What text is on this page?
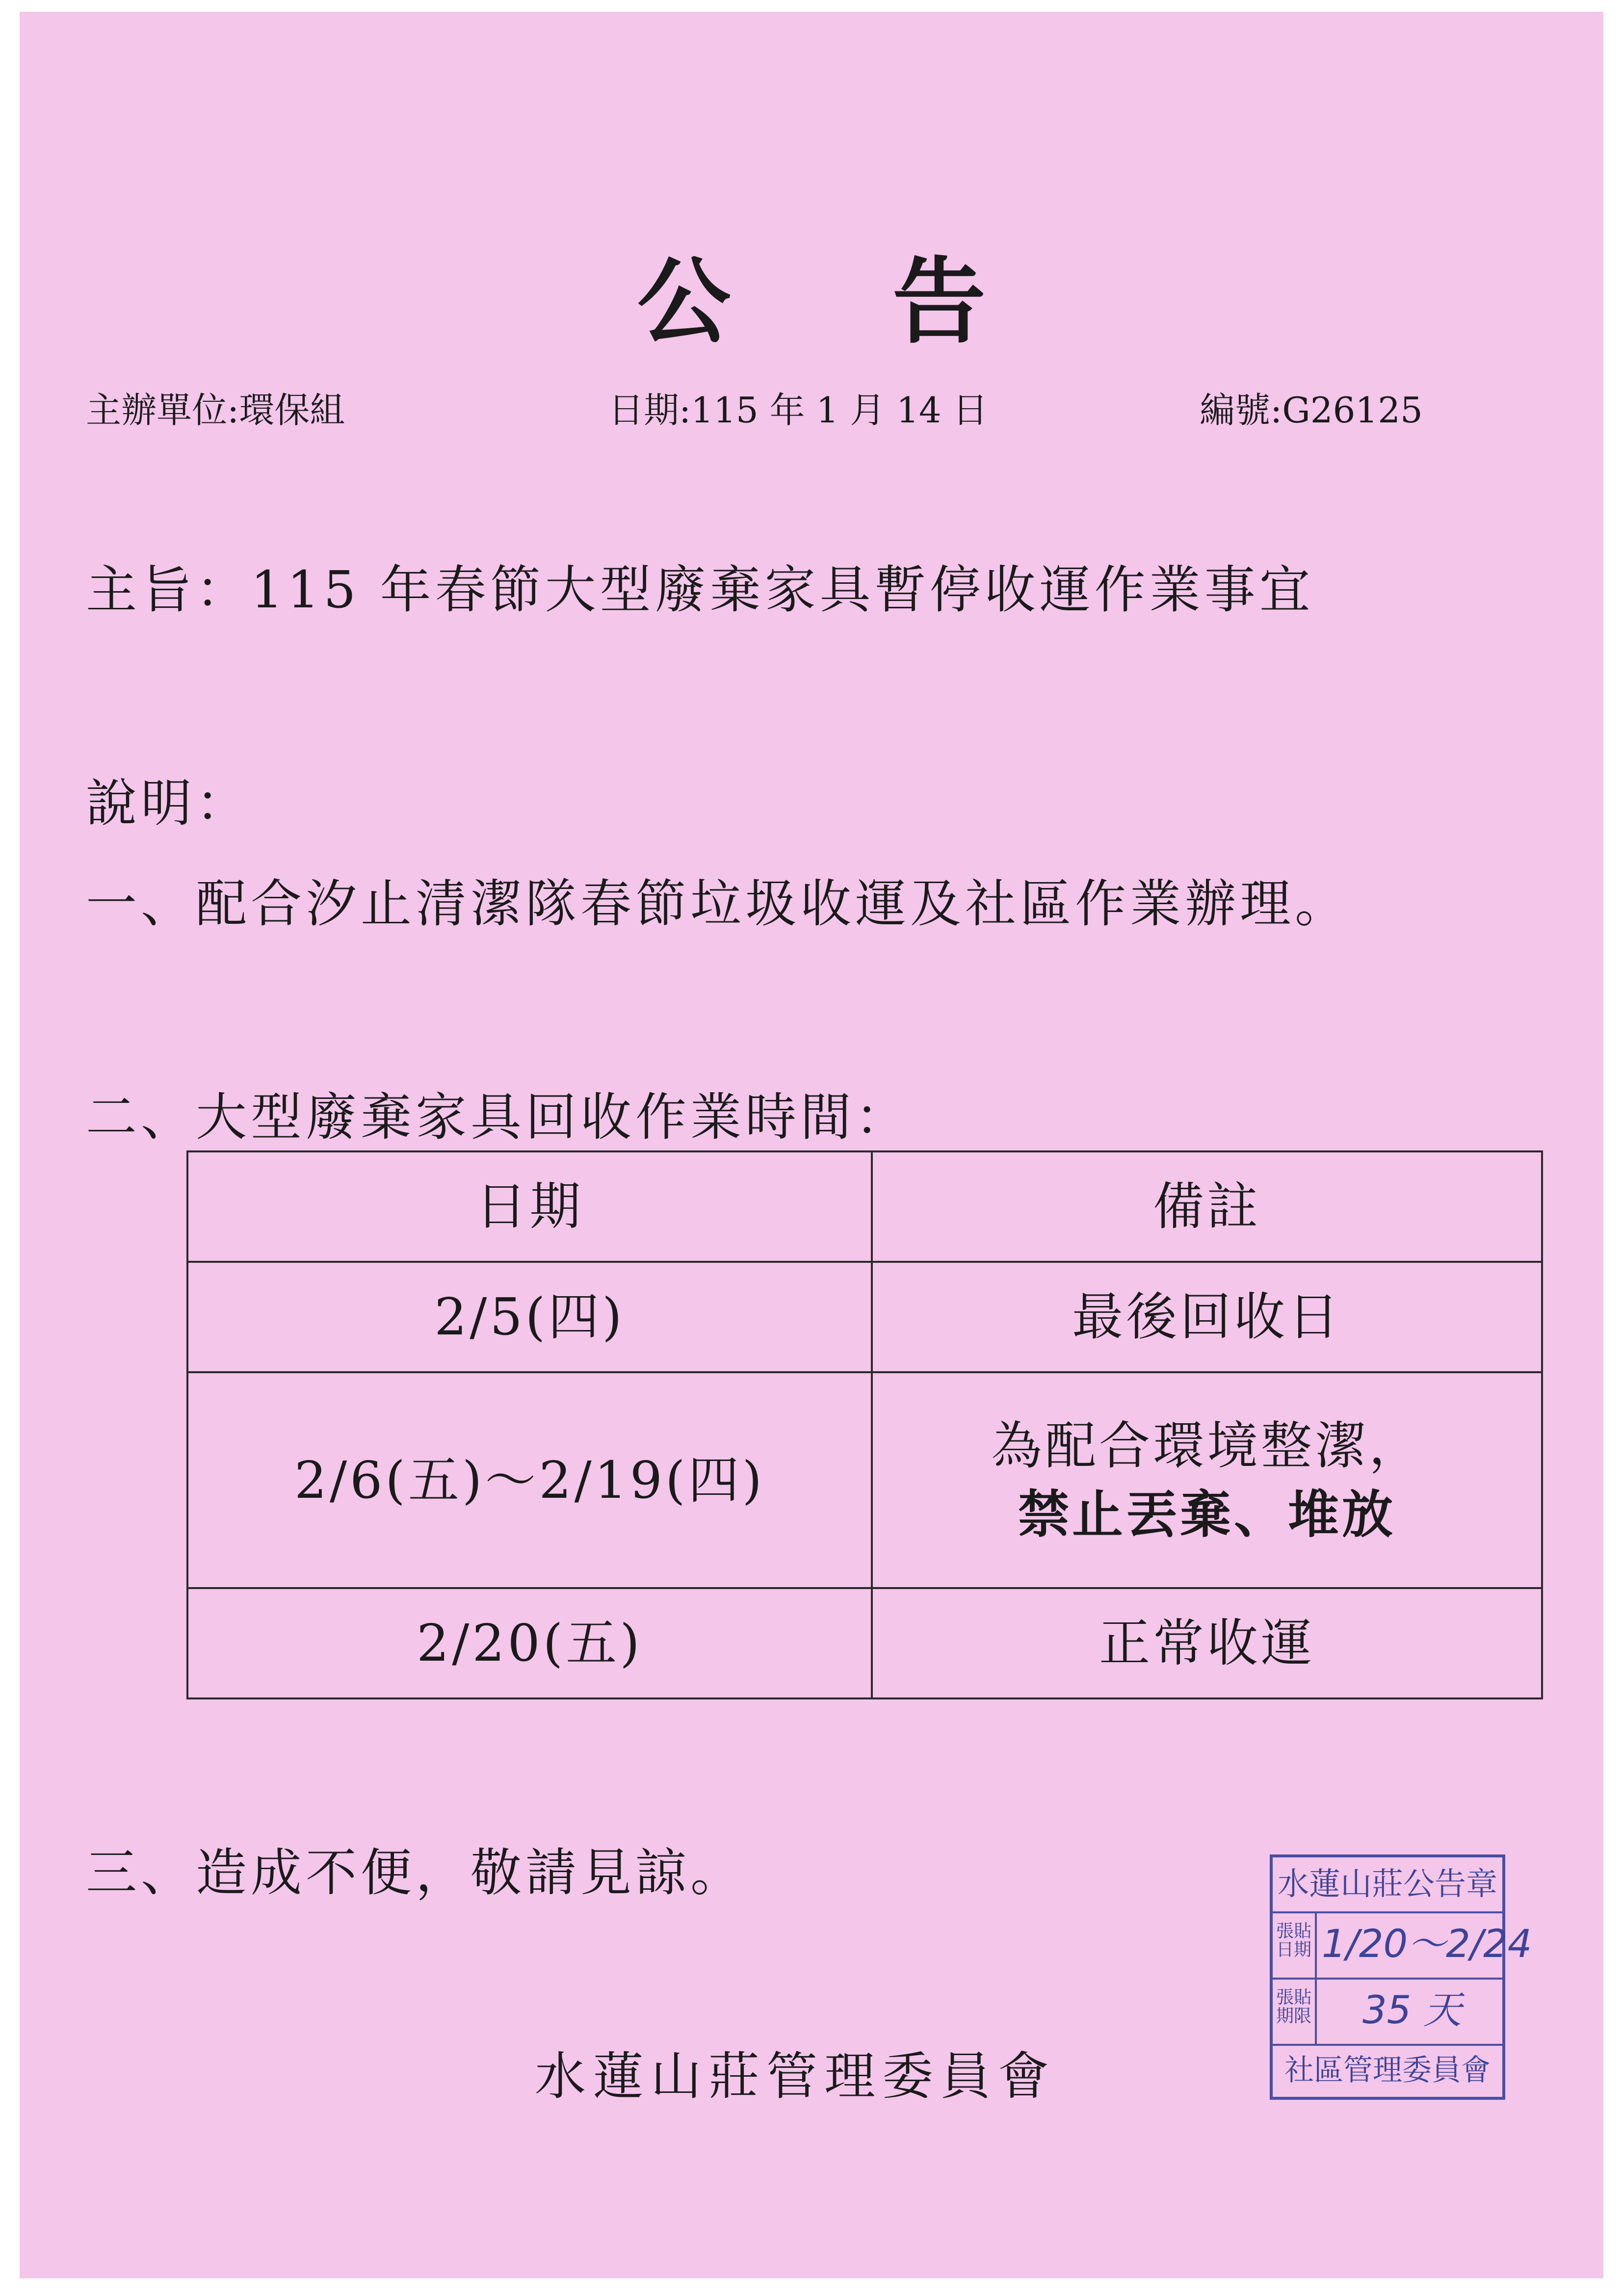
公告
主辦單位:環保組	日期:115 年 1 月 14 日	編號:G26125
主旨：115 年春節大型廢棄家具暫停收運作業事宜
說明：
一、配合汐止清潔隊春節垃圾收運及社區作業辦理。
二、大型廢棄家具回收作業時間：
日期	備註
2/5(四)	最後回收日
2/6(五)～2/19(四)	為配合環境整潔，
禁止丟棄、堆放

2/20(五)	正常收運
三、造成不便，敬請見諒。
水蓮山莊管理委員會
水蓮山莊公告章
張貼日期 1/20～2/24
張貼期限	35 天
社區管理委員會
